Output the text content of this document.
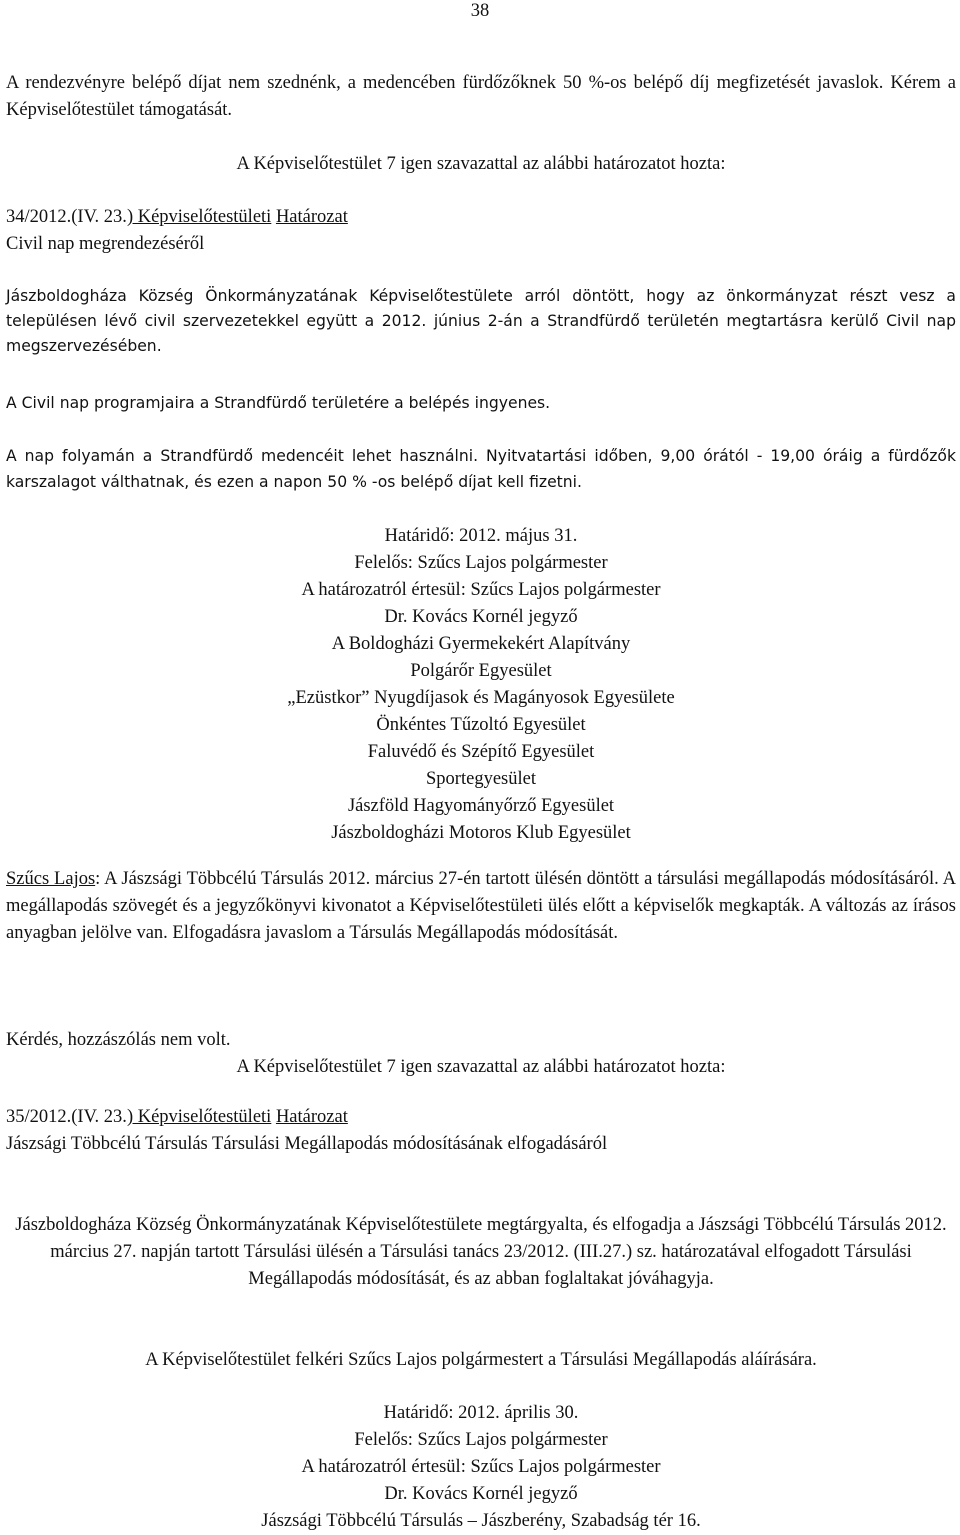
38
A rendezvényre belépő díjat nem szednénk, a medencében fürdőzőknek 50 %-os belépő díj megfizetését javaslok. Kérem a Képviselőtestület támogatását.
A Képviselőtestület 7 igen szavazattal az alábbi határozatot hozta:
34/2012.(IV. 23.) Képviselőtestületi Határozat
Civil nap megrendezéséről
Jászboldogháza Község Önkormányzatának Képviselőtestülete arról döntött, hogy az önkormányzat részt vesz a településen lévő civil szervezetekkel együtt a 2012. június 2-án a Strandfürdő területén megtartásra kerülő Civil nap megszervezésében.
A Civil nap programjaira a Strandfürdő területére a belépés ingyenes.
A nap folyamán a Strandfürdő medencéit lehet használni. Nyitvatartási időben, 9,00 órától - 19,00 óráig a fürdőzők karszalagot válthatnak, és ezen a napon 50 % -os belépő díjat kell fizetni.
Határidő: 2012. május 31.
Felelős: Szűcs Lajos polgármester
A határozatról értesül: Szűcs Lajos polgármester
Dr. Kovács Kornél jegyző
A Boldogházi Gyermekekért Alapítvány
Polgárőr Egyesület
„Ezüstkor” Nyugdíjasok és Magányosok Egyesülete
Önkéntes Tűzoltó Egyesület
Faluvédő és Szépítő Egyesület
Sportegyesület
Jászföld Hagyományőrző Egyesület
Jászboldogházi Motoros Klub Egyesület
Szűcs Lajos: A Jászsági Többcélú Társulás 2012. március 27-én tartott ülésén döntött a társulási megállapodás módosításáról. A megállapodás szövegét és a jegyzőkönyvi kivonatot a Képviselőtestületi ülés előtt a képviselők megkapták. A változás az írásos anyagban jelölve van. Elfogadásra javaslom a Társulás Megállapodás módosítását.
Kérdés, hozzászólás nem volt.
A Képviselőtestület 7 igen szavazattal az alábbi határozatot hozta:
35/2012.(IV. 23.) Képviselőtestületi Határozat
Jászsági Többcélú Társulás Társulási Megállapodás módosításának elfogadásáról
Jászboldogháza Község Önkormányzatának Képviselőtestülete megtárgyalta, és elfogadja a Jászsági Többcélú Társulás 2012. március 27. napján tartott Társulási ülésén a Társulási tanács 23/2012. (III.27.) sz. határozatával elfogadott Társulási Megállapodás módosítását, és az abban foglaltakat jóváhagyja.
A Képviselőtestület felkéri Szűcs Lajos polgármestert a Társulási Megállapodás aláírására.
Határidő: 2012. április 30.
Felelős: Szűcs Lajos polgármester
A határozatról értesül: Szűcs Lajos polgármester
Dr. Kovács Kornél jegyző
Jászsági Többcélú Társulás – Jászberény, Szabadság tér 16.
